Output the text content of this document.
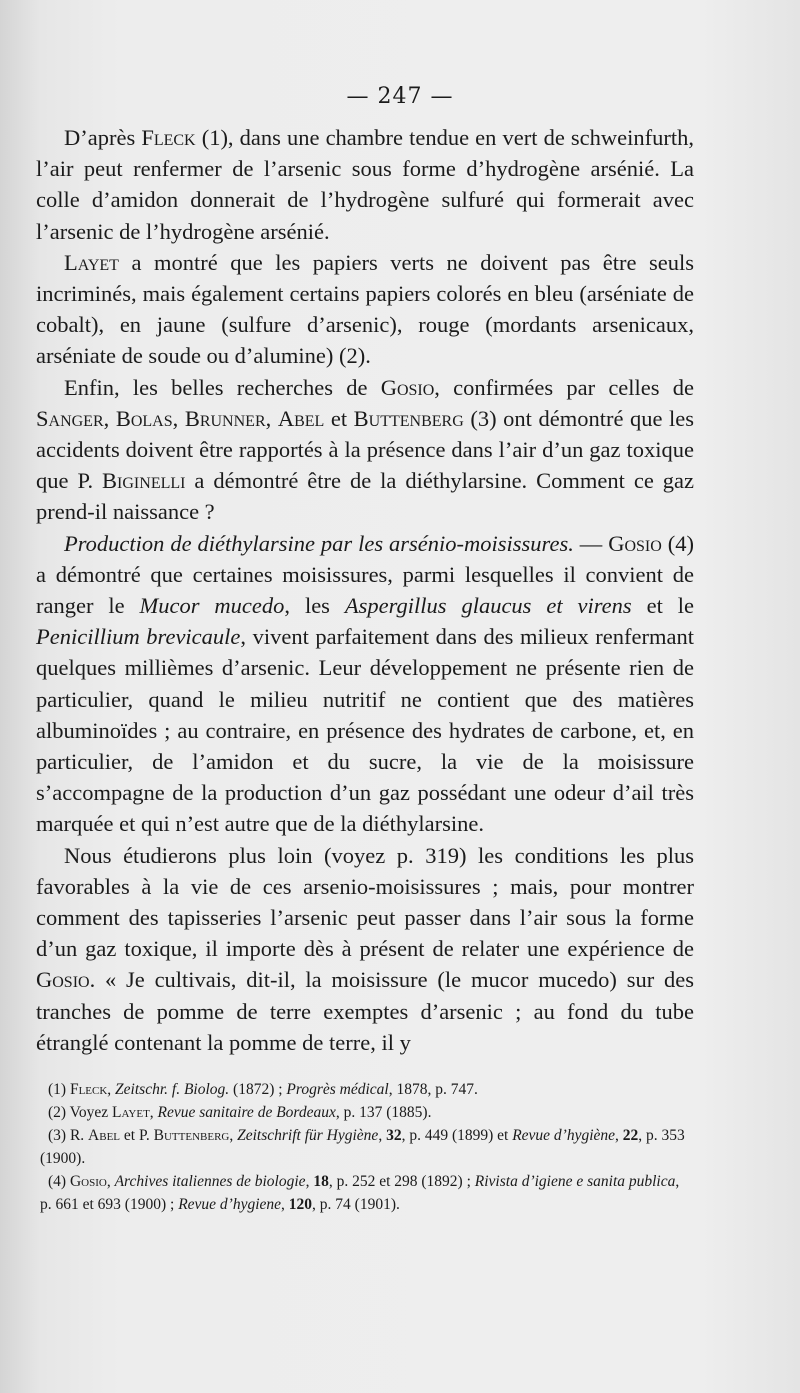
— 247 —

D’après Fleck (1), dans une chambre tendue en vert de schweinfurth, l’air peut renfermer de l’arsenic sous forme d’hydrogène arsénié. La colle d’amidon donnerait de l’hydrogène sulfuré qui formerait avec l’arsenic de l’hydrogène arsénié.

Layet a montré que les papiers verts ne doivent pas être seuls incriminés, mais également certains papiers colorés en bleu (arséniate de cobalt), en jaune (sulfure d’arsenic), rouge (mordants arsenicaux, arséniate de soude ou d’alumine) (2).

Enfin, les belles recherches de Gosio, confirmées par celles de Sanger, Bolas, Brunner, Abel et Buttenberg (3) ont démontré que les accidents doivent être rapportés à la présence dans l’air d’un gaz toxique que P. Biginelli a démontré être de la diéthylarsine. Comment ce gaz prend-il naissance ?

Production de diéthylarsine par les arsénio-moisissures. — Gosio (4) a démontré que certaines moisissures, parmi lesquelles il convient de ranger le Mucor mucedo, les Aspergillus glaucus et virens et le Penicillium brevicaule, vivent parfaitement dans des milieux renfermant quelques millièmes d’arsenic. Leur développement ne présente rien de particulier, quand le milieu nutritif ne contient que des matières albuminoïdes ; au contraire, en présence des hydrates de carbone, et, en particulier, de l’amidon et du sucre, la vie de la moisissure s’accompagne de la production d’un gaz possédant une odeur d’ail très marquée et qui n’est autre que de la diéthylarsine.

Nous étudierons plus loin (voyez p. 319) les conditions les plus favorables à la vie de ces arsenio-moisissures ; mais, pour montrer comment des tapisseries l’arsenic peut passer dans l’air sous la forme d’un gaz toxique, il importe dès à présent de relater une expérience de Gosio. « Je cultivais, dit-il, la moisissure (le mucor mucedo) sur des tranches de pomme de terre exemptes d’arsenic ; au fond du tube étranglé contenant la pomme de terre, il y

(1) Fleck, Zeitschr. f. Biolog. (1872) ; Progrès médical, 1878, p. 747.

(2) Voyez Layet, Revue sanitaire de Bordeaux, p. 137 (1885).

(3) R. Abel et P. Buttenberg, Zeitschrift für Hygiène, 32, p. 449 (1899) et Revue d’hygiène, 22, p. 353 (1900).

(4) Gosio, Archives italiennes de biologie, 18, p. 252 et 298 (1892) ; Rivista d’igiene e sanita publica, p. 661 et 693 (1900) ; Revue d’hygiene, 120, p. 74 (1901).
